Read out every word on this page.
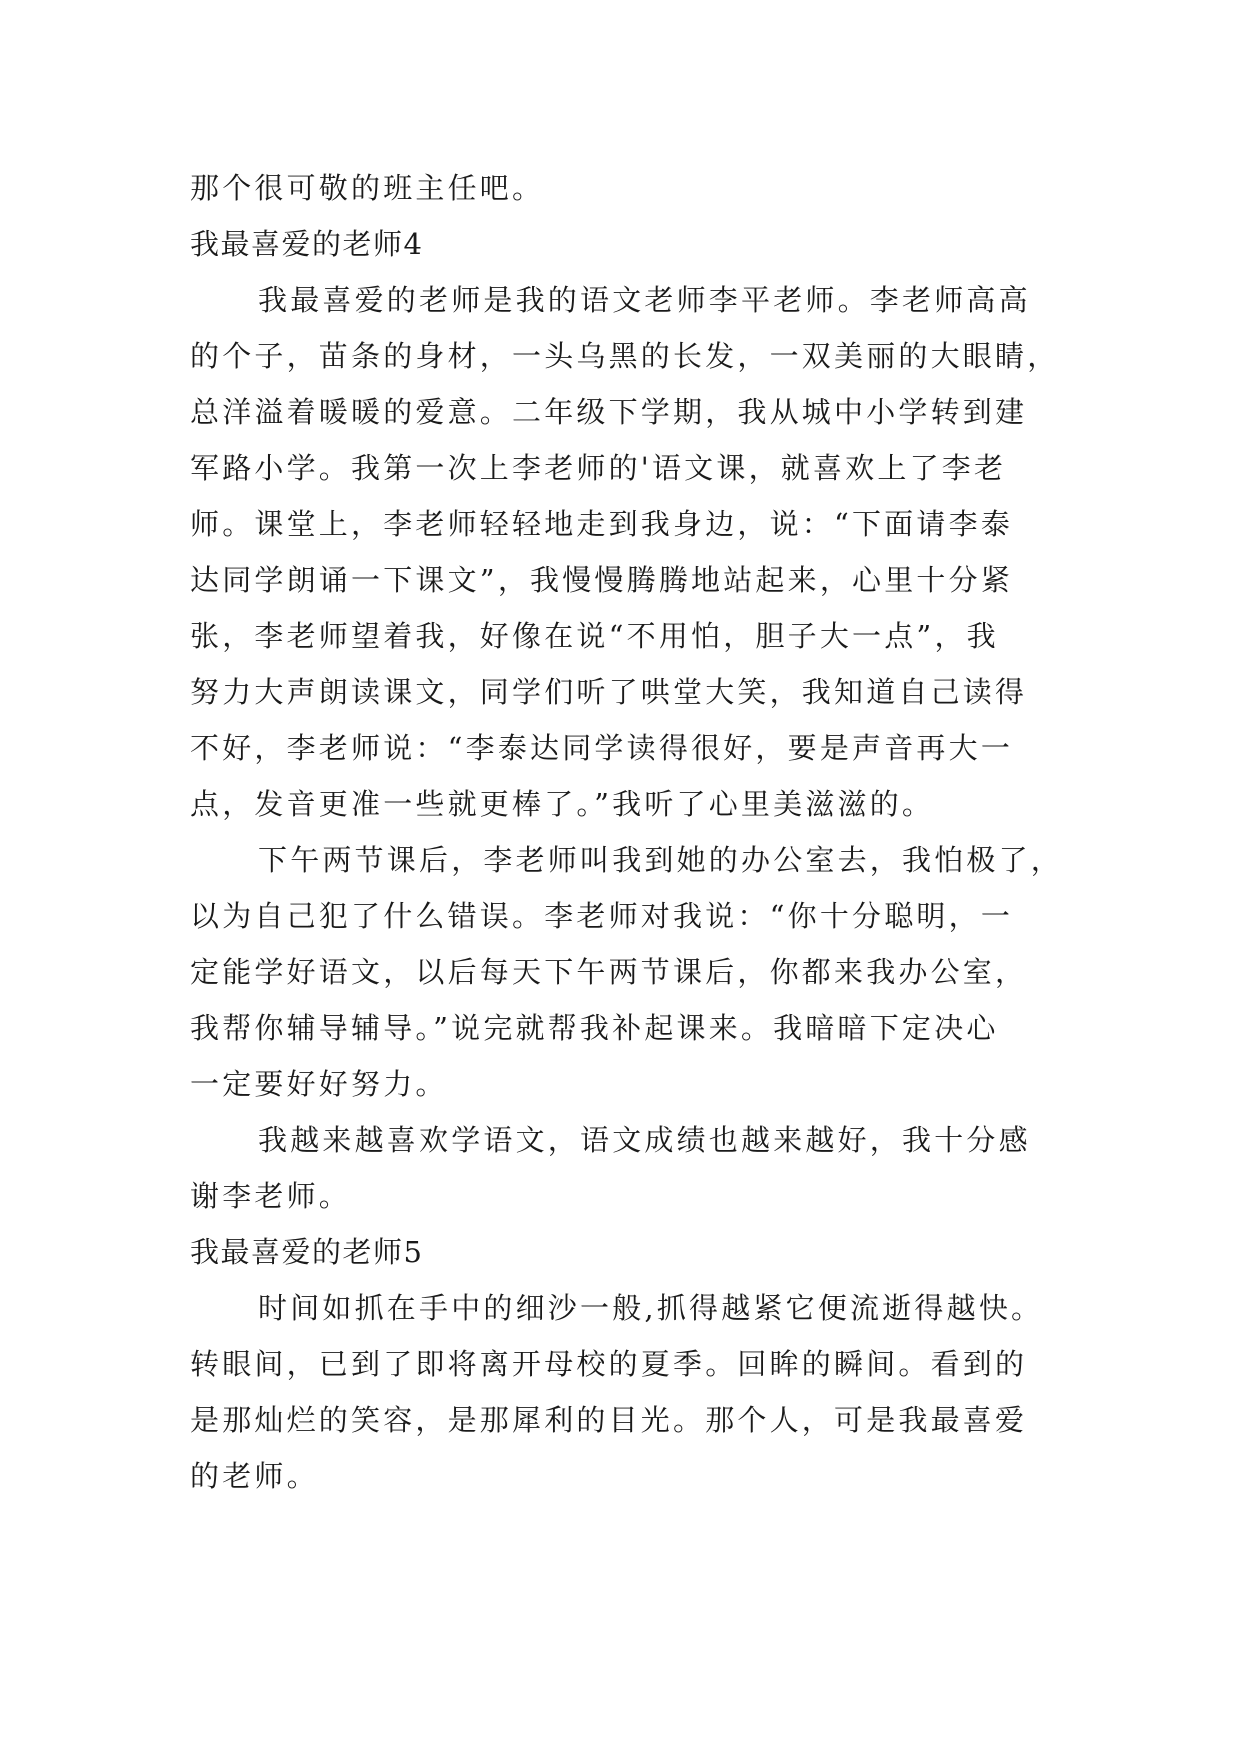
那个很可敬的班主任吧。
我最喜爱的老师4
我最喜爱的老师是我的语文老师李平老师。李老师高高
的个子，苗条的身材，一头乌黑的长发，一双美丽的大眼睛，
总洋溢着暖暖的爱意。二年级下学期，我从城中小学转到建
军路小学。我第一次上李老师的'语文课，就喜欢上了李老
师。课堂上，李老师轻轻地走到我身边，说：“下面请李泰
达同学朗诵一下课文”，我慢慢腾腾地站起来，心里十分紧
张，李老师望着我，好像在说“不用怕，胆子大一点”，我
努力大声朗读课文，同学们听了哄堂大笑，我知道自己读得
不好，李老师说：“李泰达同学读得很好，要是声音再大一
点，发音更准一些就更棒了。”我听了心里美滋滋的。
下午两节课后，李老师叫我到她的办公室去，我怕极了，
以为自己犯了什么错误。李老师对我说：“你十分聪明，一
定能学好语文，以后每天下午两节课后，你都来我办公室，
我帮你辅导辅导。”说完就帮我补起课来。我暗暗下定决心
一定要好好努力。
我越来越喜欢学语文，语文成绩也越来越好，我十分感
谢李老师。
我最喜爱的老师5
时间如抓在手中的细沙一般,抓得越紧它便流逝得越快。
转眼间，已到了即将离开母校的夏季。回眸的瞬间。看到的
是那灿烂的笑容，是那犀利的目光。那个人，可是我最喜爱
的老师。
